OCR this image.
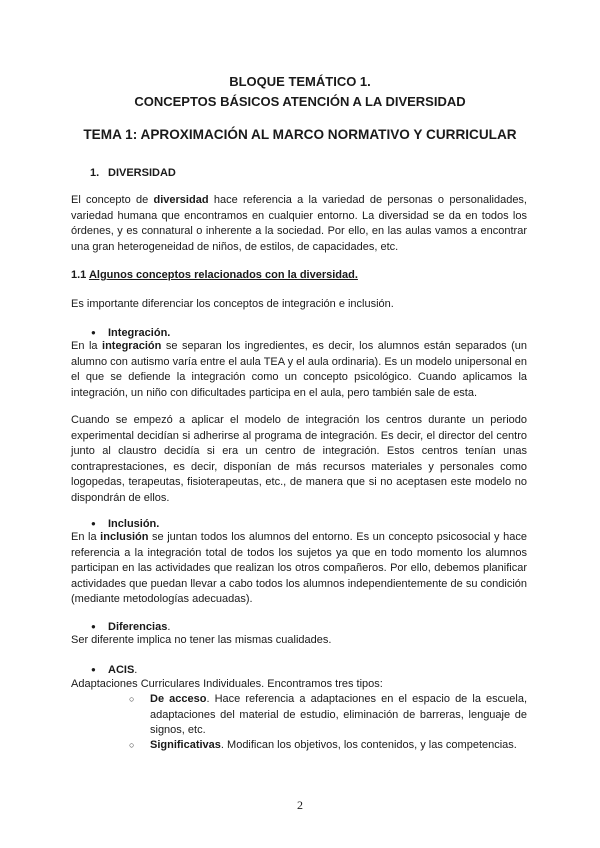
BLOQUE TEMÁTICO 1.
CONCEPTOS BÁSICOS ATENCIÓN A LA DIVERSIDAD
TEMA 1: APROXIMACIÓN AL MARCO NORMATIVO Y CURRICULAR
1. DIVERSIDAD

El concepto de diversidad hace referencia a la variedad de personas o personalidades, variedad humana que encontramos en cualquier entorno. La diversidad se da en todos los órdenes, y es connatural o inherente a la sociedad. Por ello, en las aulas vamos a encontrar una gran heterogeneidad de niños, de estilos, de capacidades, etc.

1.1 Algunos conceptos relacionados con la diversidad.
Es importante diferenciar los conceptos de integración e inclusión.
● Integración.

En la integración se separan los ingredientes, es decir, los alumnos están separados (un alumno con autismo varía entre el aula TEA y el aula ordinaria). Es un modelo unipersonal en el que se defiende la integración como un concepto psicológico. Cuando aplicamos la integración, un niño con dificultades participa en el aula, pero también sale de esta.

Cuando se empezó a aplicar el modelo de integración los centros durante un periodo experimental decidían si adherirse al programa de integración. Es decir, el director del centro junto al claustro decidía si era un centro de integración. Estos centros tenían unas contraprestaciones, es decir, disponían de más recursos materiales y personales como logopedas, terapeutas, fisioterapeutas, etc., de manera que si no aceptasen este modelo no dispondrán de ellos.

● Inclusión.

En la inclusión se juntan todos los alumnos del entorno. Es un concepto psicosocial y hace referencia a la integración total de todos los sujetos ya que en todo momento los alumnos participan en las actividades que realizan los otros compañeros. Por ello, debemos planificar actividades que puedan llevar a cabo todos los alumnos independientemente de su condición (mediante metodologías adecuadas).

● Diferencias.
Ser diferente implica no tener las mismas cualidades.
● ACIS.
Adaptaciones Curriculares Individuales. Encontramos tres tipos:
○ De acceso. Hace referencia a adaptaciones en el espacio de la escuela, adaptaciones del material de estudio, eliminación de barreras, lenguaje de signos, etc.
○ Significativas. Modifican los objetivos, los contenidos, y las competencias.
2
